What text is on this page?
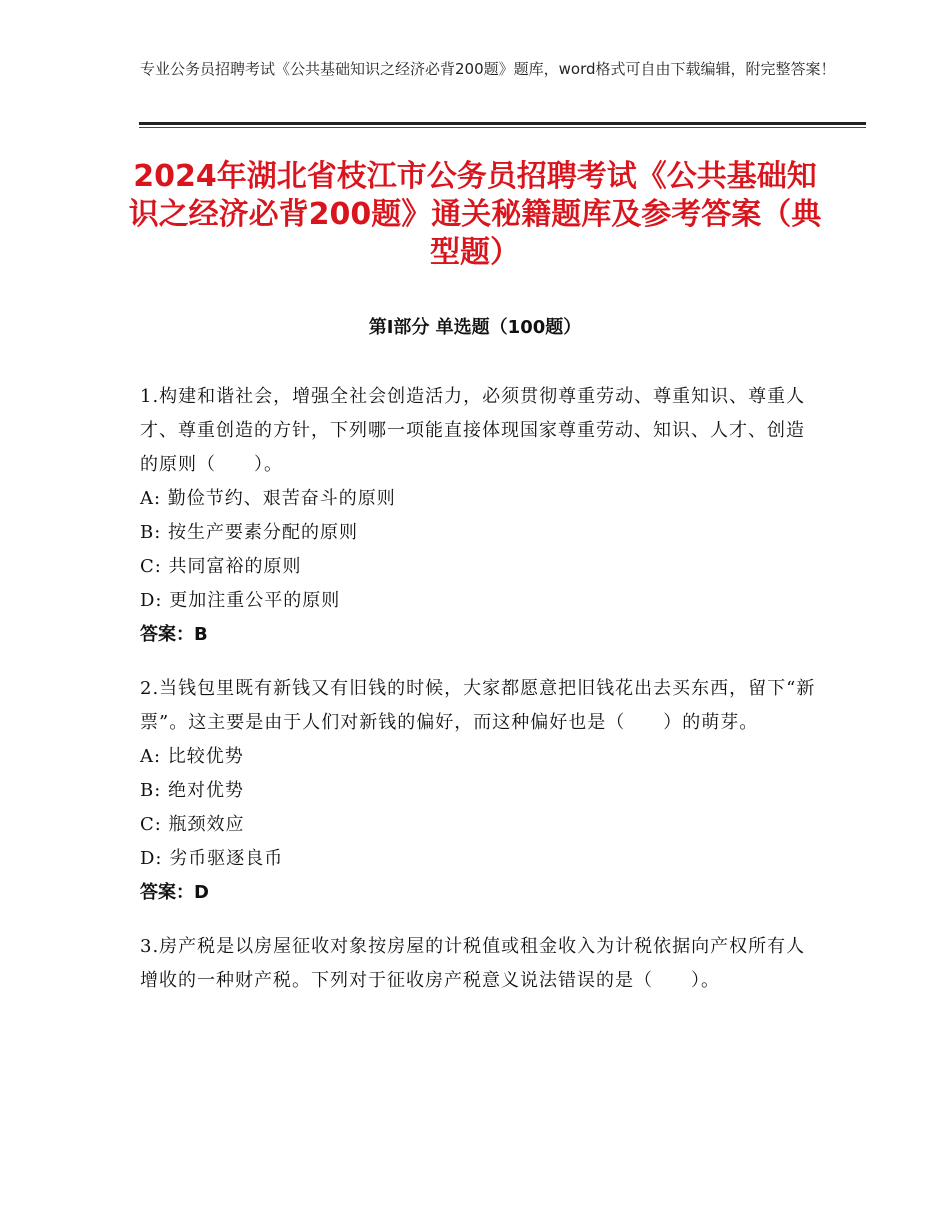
专业公务员招聘考试《公共基础知识之经济必背200题》题库，word格式可自由下载编辑，附完整答案！
2024年湖北省枝江市公务员招聘考试《公共基础知识之经济必背200题》通关秘籍题库及参考答案（典型题）
第Ⅰ部分 单选题（100题）

1.构建和谐社会，增强全社会创造活力，必须贯彻尊重劳动、尊重知识、尊重人才、尊重创造的方针，下列哪一项能直接体现国家尊重劳动、知识、人才、创造的原则（　　）。

A: 勤俭节约、艰苦奋斗的原则

B: 按生产要素分配的原则

C: 共同富裕的原则

D: 更加注重公平的原则

答案：B

2.当钱包里既有新钱又有旧钱的时候，大家都愿意把旧钱花出去买东西，留下“新票”。这主要是由于人们对新钱的偏好，而这种偏好也是（　　）的萌芽。

A: 比较优势

B: 绝对优势

C: 瓶颈效应

D: 劣币驱逐良币

答案：D

3.房产税是以房屋征收对象按房屋的计税值或租金收入为计税依据向产权所有人增收的一种财产税。下列对于征收房产税意义说法错误的是（　　）。
